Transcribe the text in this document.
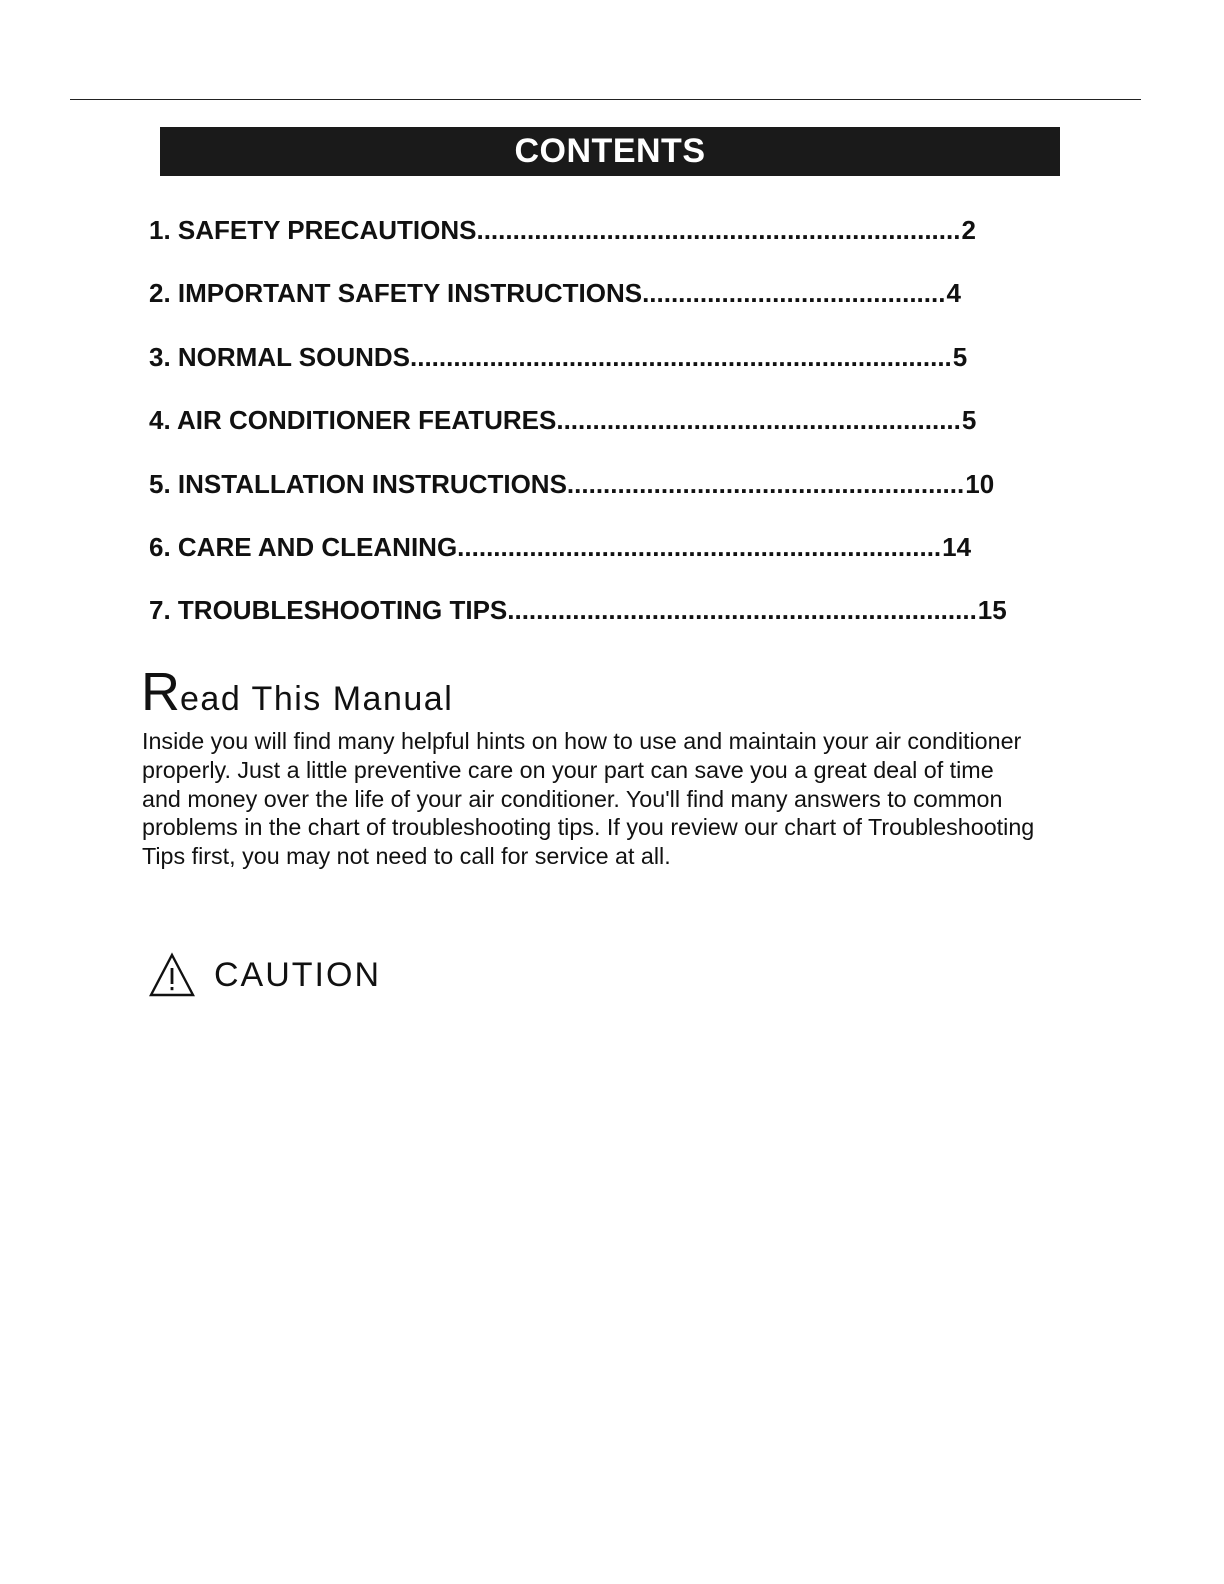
CONTENTS
1. SAFETY PRECAUTIONS ................................................................... 2
2. IMPORTANT SAFETY INSTRUCTIONS .......................................... 4
3. NORMAL SOUNDS ........................................................................... 5
4. AIR CONDITIONER FEATURES ........................................................ 5
5. INSTALLATION INSTRUCTIONS ....................................................... 10
6. CARE AND CLEANING ................................................................... 14
7. TROUBLESHOOTING TIPS ................................................................. 15
Read This Manual
Inside you will find many helpful hints on how to use and maintain your air conditioner
properly. Just a little preventive care on your part can save you a great deal of time
and money over the life of your air conditioner. You'll find many answers to common
problems in the chart of troubleshooting tips. If you review our chart of Troubleshooting
Tips first, you may not need to call for service at all.
CAUTION
